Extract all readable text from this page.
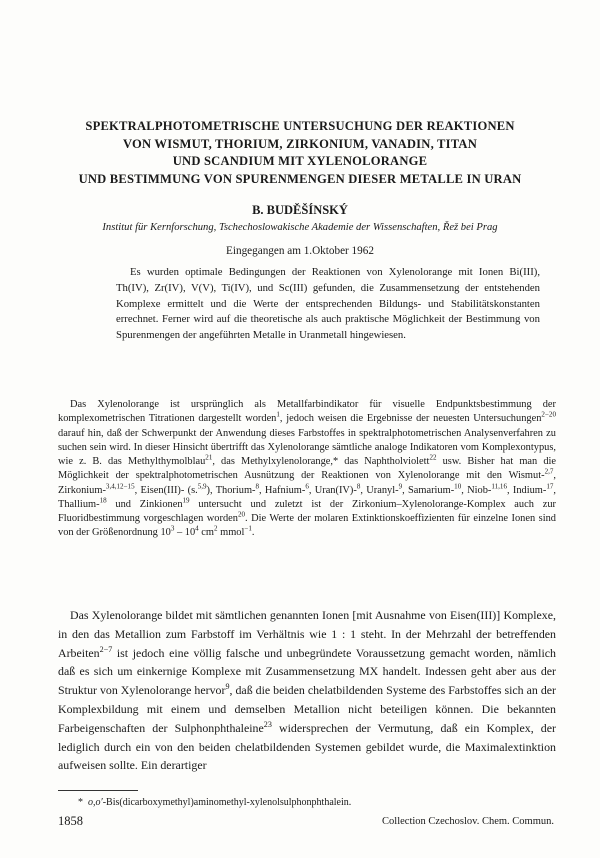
SPEKTRALPHOTOMETRISCHE UNTERSUCHUNG DER REAKTIONEN
VON WISMUT, THORIUM, ZIRKONIUM, VANADIN, TITAN
UND SCANDIUM MIT XYLENOLORANGE
UND BESTIMMUNG VON SPURENMENGEN DIESER METALLE IN URAN
B. BUDĚŠÍNSKÝ
Institut für Kernforschung, Tschechoslowakische Akademie der Wissenschaften, Řež bei Prag
Eingegangen am 1.Oktober 1962
Es wurden optimale Bedingungen der Reaktionen von Xylenolorange mit Ionen Bi(III), Th(IV), Zr(IV), V(V), Ti(IV), und Sc(III) gefunden, die Zusammensetzung der entstehenden Komplexe ermittelt und die Werte der entsprechenden Bildungs- und Stabilitätskonstanten errechnet. Ferner wird auf die theoretische als auch praktische Möglichkeit der Bestimmung von Spurenmengen der angeführten Metalle in Uranmetall hingewiesen.
Das Xylenolorange ist ursprünglich als Metallfarbindikator für visuelle Endpunktsbestimmung der komplexometrischen Titrationen dargestellt worden$^1$, jedoch weisen die Ergebnisse der neuesten Untersuchungen$^{2-20}$ darauf hin, daß der Schwerpunkt der Anwendung dieses Farbstoffes in spektralphotometrischen Analysenverfahren zu suchen sein wird. In dieser Hinsicht übertrifft das Xylenolorange sämtliche analoge Indikatoren vom Komplexontypus, wie z. B. das Methylthymolblau$^{21}$, das Methylxylenolorange,* das Naphtholviolett$^{22}$ usw. Bisher hat man die Möglichkeit der spektralphotometrischen Ausnützung der Reaktionen von Xylenolorange mit den Wismut-$^{2,7}$, Zirkonium-$^{3,4,12-15}$, Eisen(III)- (s.$^{5,9}$), Thorium-$^8$, Hafnium-$^6$, Uran(IV)-$^8$, Uranyl-$^9$, Samarium-$^{10}$, Niob-$^{11,16}$, Indium-$^{17}$, Thallium-$^{18}$ und Zinkionen$^{19}$ untersucht und zuletzt ist der Zirkonium–Xylenolorange-Komplex auch zur Fluoridbestimmung vorgeschlagen worden$^{20}$. Die Werte der molaren Extinktionskoeffizienten für einzelne Ionen sind von der Größenordnung $10^3 - 10^4$ $cm^2$ mmol$^{-1}$.
Das Xylenolorange bildet mit sämtlichen genannten Ionen [mit Ausnahme von Eisen(III)] Komplexe, in den das Metallion zum Farbstoff im Verhältnis wie 1 : 1 steht. In der Mehrzahl der betreffenden Arbeiten$^{2-7}$ ist jedoch eine völlig falsche und unbegründete Voraussetzung gemacht worden, nämlich daß es sich um einkernige Komplexe mit Zusammensetzung MX handelt. Indessen geht aber aus der Struktur von Xylenolorange hervor$^9$, daß die beiden chelatbildenden Systeme des Farbstoffes sich an der Komplexbildung mit einem und demselben Metallion nicht beteiligen können. Die bekannten Farbeigenschaften der Sulphonphthaleine$^{23}$ widersprechen der Vermutung, daß ein Komplex, der lediglich durch ein von den beiden chelatbildenden Systemen gebildet wurde, die Maximalextinktion aufweisen sollte. Ein derartiger
* o,o′-Bis(dicarboxymethyl)aminomethyl-xylenolsulphonphthalein.
1858	Collection Czechoslov. Chem. Commun.
